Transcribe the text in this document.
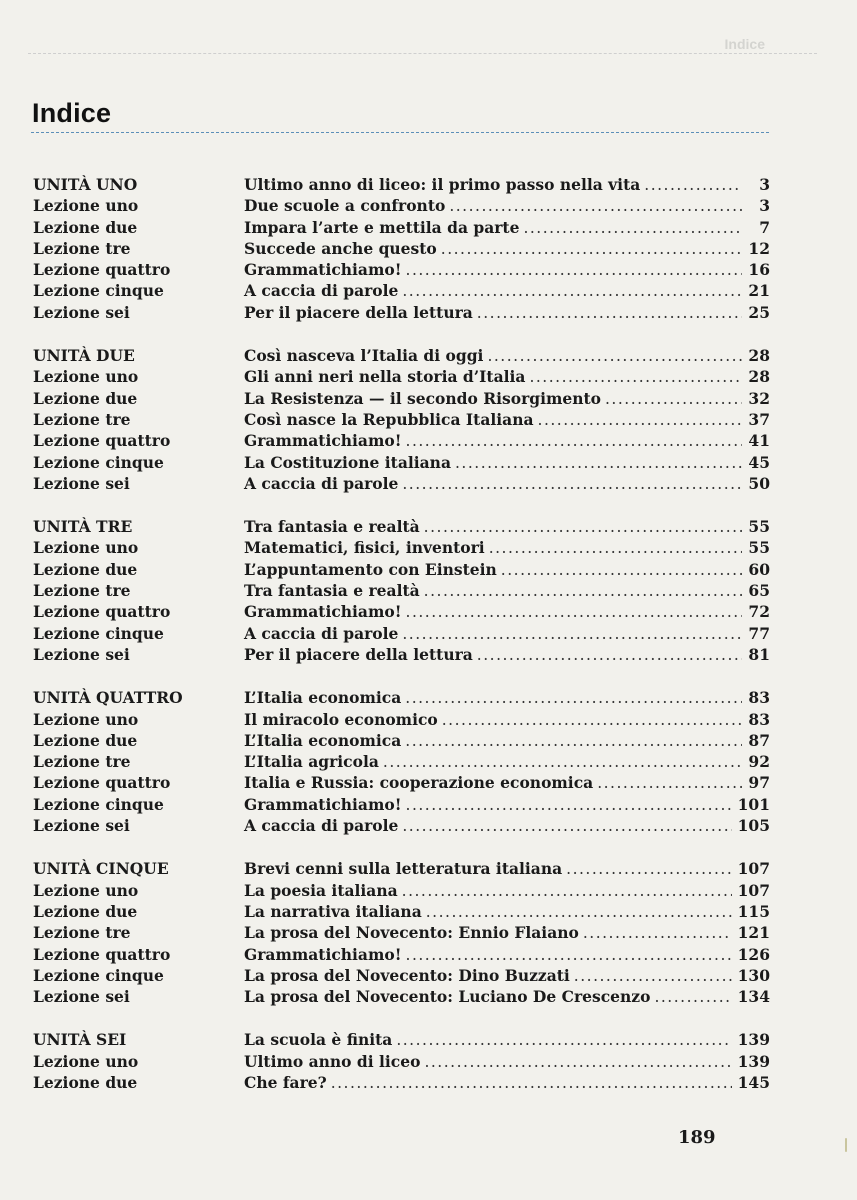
Indice
Indice
UNITÀ UNO	Ultimo anno di liceo: il primo passo nella vita .....	3
Lezione uno	Due scuole a confronto .....	3
Lezione due	Impara l’arte e mettila da parte .....	7
Lezione tre	Succede anche questo .....	12
Lezione quattro	Grammatichiamo! .....	16
Lezione cinque	A caccia di parole .....	21
Lezione sei	Per il piacere della lettura .....	25
UNITÀ DUE	Così nasceva l’Italia di oggi .....	28
Lezione uno	Gli anni neri nella storia d’Italia .....	28
Lezione due	La Resistenza — il secondo Risorgimento .....	32
Lezione tre	Così nasce la Repubblica Italiana .....	37
Lezione quattro	Grammatichiamo! .....	41
Lezione cinque	La Costituzione italiana .....	45
Lezione sei	A caccia di parole .....	50
UNITÀ TRE	Tra fantasia e realtà .....	55
Lezione uno	Matematici, fisici, inventori .....	55
Lezione due	L’appuntamento con Einstein .....	60
Lezione tre	Tra fantasia e realtà .....	65
Lezione quattro	Grammatichiamo! .....	72
Lezione cinque	A caccia di parole .....	77
Lezione sei	Per il piacere della lettura .....	81
UNITÀ QUATTRO	L’Italia economica .....	83
Lezione uno	Il miracolo economico .....	83
Lezione due	L’Italia economica .....	87
Lezione tre	L’Italia agricola .....	92
Lezione quattro	Italia e Russia: cooperazione economica .....	97
Lezione cinque	Grammatichiamo! .....	101
Lezione sei	A caccia di parole .....	105
UNITÀ CINQUE	Brevi cenni sulla letteratura italiana .....	107
Lezione uno	La poesia italiana .....	107
Lezione due	La narrativa italiana .....	115
Lezione tre	La prosa del Novecento: Ennio Flaiano .....	121
Lezione quattro	Grammatichiamo! .....	126
Lezione cinque	La prosa del Novecento: Dino Buzzati .....	130
Lezione sei	La prosa del Novecento: Luciano De Crescenzo .....	134
UNITÀ SEI	La scuola è finita .....	139
Lezione uno	Ultimo anno di liceo .....	139
Lezione due	Che fare? .....	145
189
